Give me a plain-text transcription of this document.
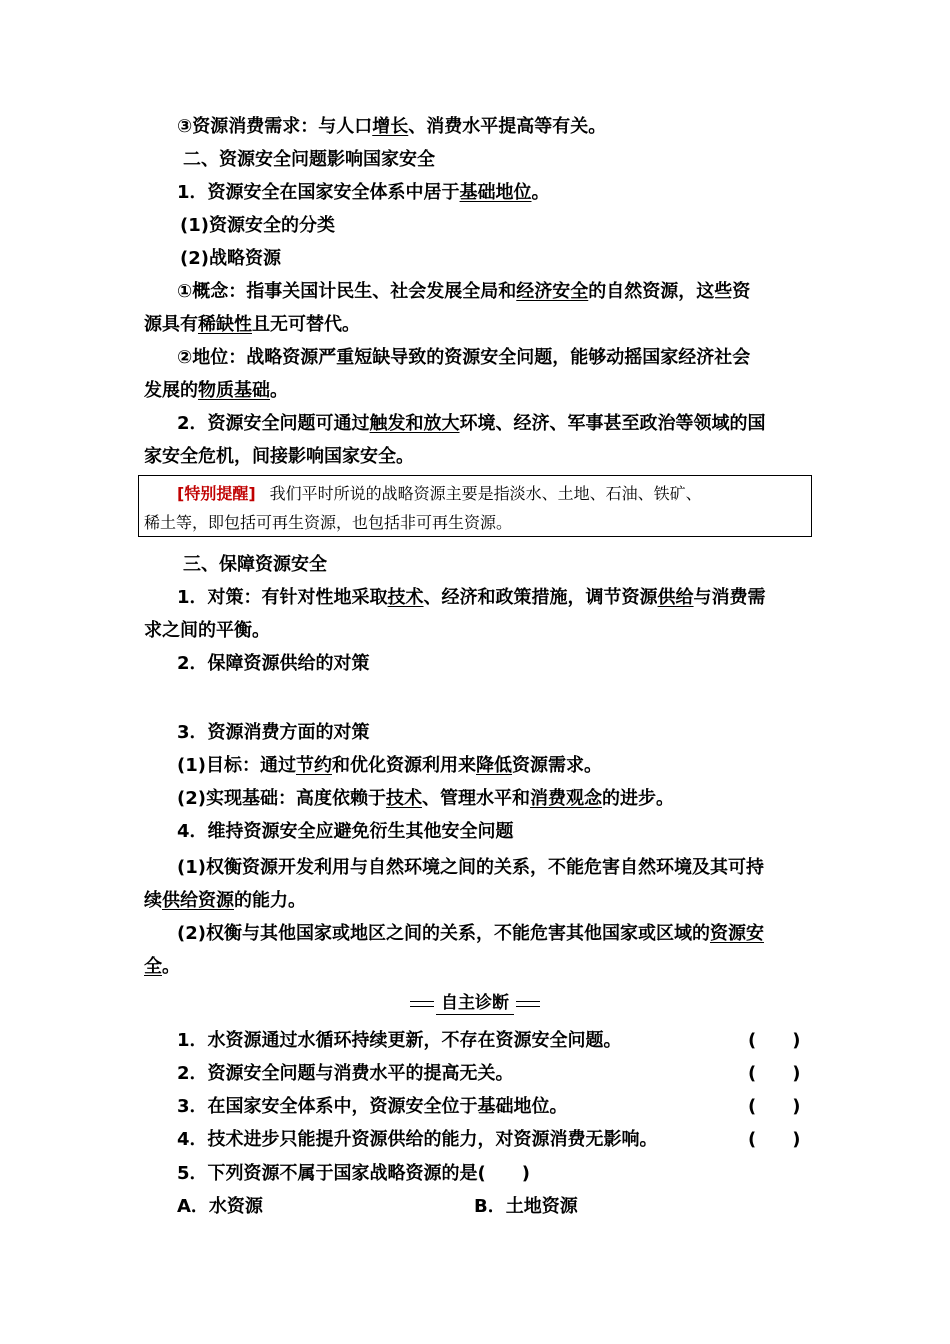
③资源消费需求：与人口增长、消费水平提高等有关。
二、资源安全问题影响国家安全
1．资源安全在国家安全体系中居于基础地位。
(1)资源安全的分类
(2)战略资源
①概念：指事关国计民生、社会发展全局和经济安全的自然资源，这些资
源具有稀缺性且无可替代。
②地位：战略资源严重短缺导致的资源安全问题，能够动摇国家经济社会
发展的物质基础。
2．资源安全问题可通过触发和放大环境、经济、军事甚至政治等领域的国
家安全危机，间接影响国家安全。
[特别提醒] 我们平时所说的战略资源主要是指淡水、土地、石油、铁矿、
稀土等，即包括可再生资源，也包括非可再生资源。
三、保障资源安全
1．对策：有针对性地采取技术、经济和政策措施，调节资源供给与消费需
求之间的平衡。
2．保障资源供给的对策
3．资源消费方面的对策
(1)目标：通过节约和优化资源利用来降低资源需求。
(2)实现基础：高度依赖于技术、管理水平和消费观念的进步。
4．维持资源安全应避免衍生其他安全问题
(1)权衡资源开发利用与自然环境之间的关系，不能危害自然环境及其可持
续供给资源的能力。
(2)权衡与其他国家或地区之间的关系，不能危害其他国家或区域的资源安
全。
自主诊断
1．水资源通过水循环持续更新，不存在资源安全问题。	(　　)
2．资源安全问题与消费水平的提高无关。	(　　)
3．在国家安全体系中，资源安全位于基础地位。	(　　)
4．技术进步只能提升资源供给的能力，对资源消费无影响。	(　　)
5．下列资源不属于国家战略资源的是(　　)
A．水资源	B．土地资源
